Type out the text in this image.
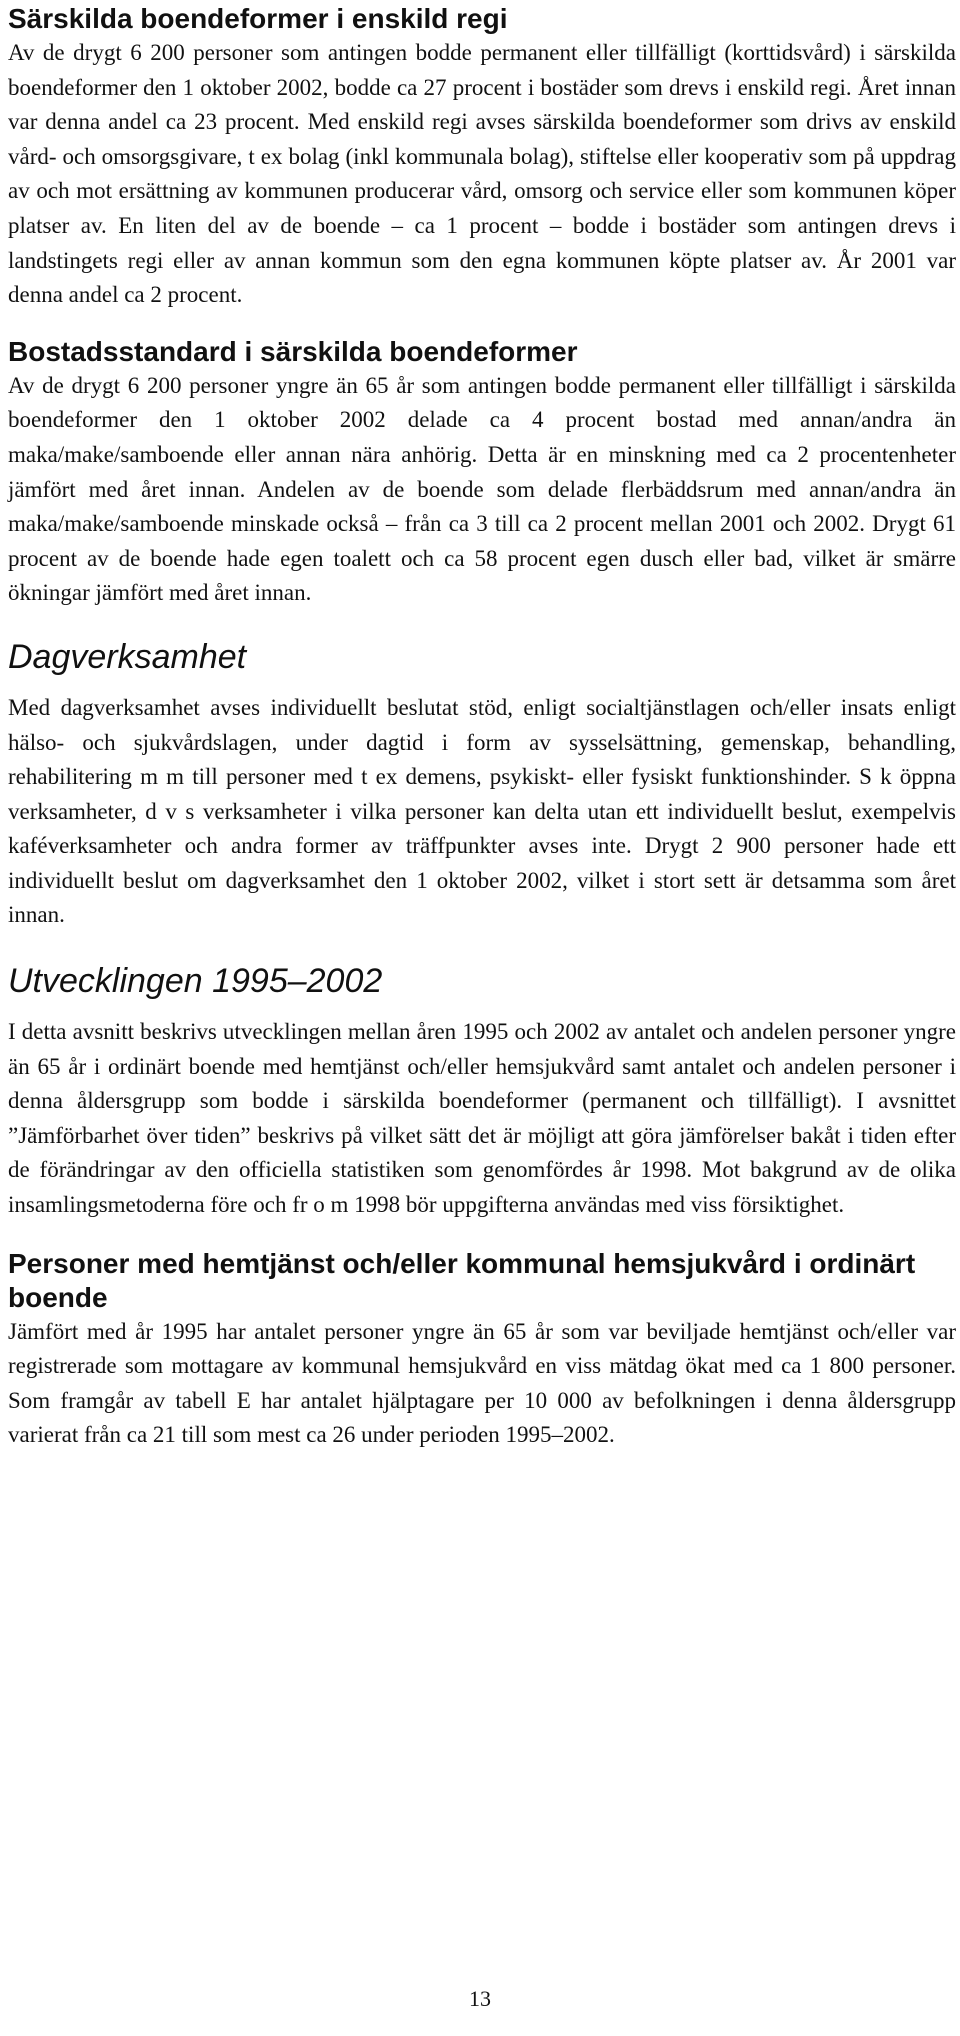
Särskilda boendeformer i enskild regi

Av de drygt 6 200 personer som antingen bodde permanent eller tillfälligt (korttidsvård) i särskilda boendeformer den 1 oktober 2002, bodde ca 27 procent i bostäder som drevs i enskild regi. Året innan var denna andel ca 23 procent. Med enskild regi avses särskilda boendeformer som drivs av enskild vård- och omsorgsgivare, t ex bolag (inkl kommunala bolag), stiftelse eller kooperativ som på uppdrag av och mot ersättning av kommunen producerar vård, omsorg och service eller som kommunen köper platser av. En liten del av de boende – ca 1 procent – bodde i bostäder som antingen drevs i landstingets regi eller av annan kommun som den egna kommunen köpte platser av. År 2001 var denna andel ca 2 procent.

Bostadsstandard i särskilda boendeformer

Av de drygt 6 200 personer yngre än 65 år som antingen bodde permanent eller tillfälligt i särskilda boendeformer den 1 oktober 2002 delade ca 4 procent bostad med annan/andra än maka/make/samboende eller annan nära anhörig. Detta är en minskning med ca 2 procentenheter jämfört med året innan. Andelen av de boende som delade flerbäddsrum med annan/andra än maka/make/samboende minskade också – från ca 3 till ca 2 procent mellan 2001 och 2002. Drygt 61 procent av de boende hade egen toalett och ca 58 procent egen dusch eller bad, vilket är smärre ökningar jämfört med året innan.

Dagverksamhet

Med dagverksamhet avses individuellt beslutat stöd, enligt socialtjänstlagen och/eller insats enligt hälso- och sjukvårdslagen, under dagtid i form av sysselsättning, gemenskap, behandling, rehabilitering m m till personer med t ex demens, psykiskt- eller fysiskt funktionshinder. S k öppna verksamheter, d v s verksamheter i vilka personer kan delta utan ett individuellt beslut, exempelvis kaféverksamheter och andra former av träffpunkter avses inte. Drygt 2 900 personer hade ett individuellt beslut om dagverksamhet den 1 oktober 2002, vilket i stort sett är detsamma som året innan.

Utvecklingen 1995–2002

I detta avsnitt beskrivs utvecklingen mellan åren 1995 och 2002 av antalet och andelen personer yngre än 65 år i ordinärt boende med hemtjänst och/eller hemsjukvård samt antalet och andelen personer i denna åldersgrupp som bodde i särskilda boendeformer (permanent och tillfälligt). I avsnittet ”Jämförbarhet över tiden” beskrivs på vilket sätt det är möjligt att göra jämförelser bakåt i tiden efter de förändringar av den officiella statistiken som genomfördes år 1998. Mot bakgrund av de olika insamlingsmetoderna före och fr o m 1998 bör uppgifterna användas med viss försiktighet.

Personer med hemtjänst och/eller kommunal hemsjukvård i ordinärt boende

Jämfört med år 1995 har antalet personer yngre än 65 år som var beviljade hemtjänst och/eller var registrerade som mottagare av kommunal hemsjukvård en viss mätdag ökat med ca 1 800 personer. Som framgår av tabell E har antalet hjälptagare per 10 000 av befolkningen i denna åldersgrupp varierat från ca 21 till som mest ca 26 under perioden 1995–2002.

13
